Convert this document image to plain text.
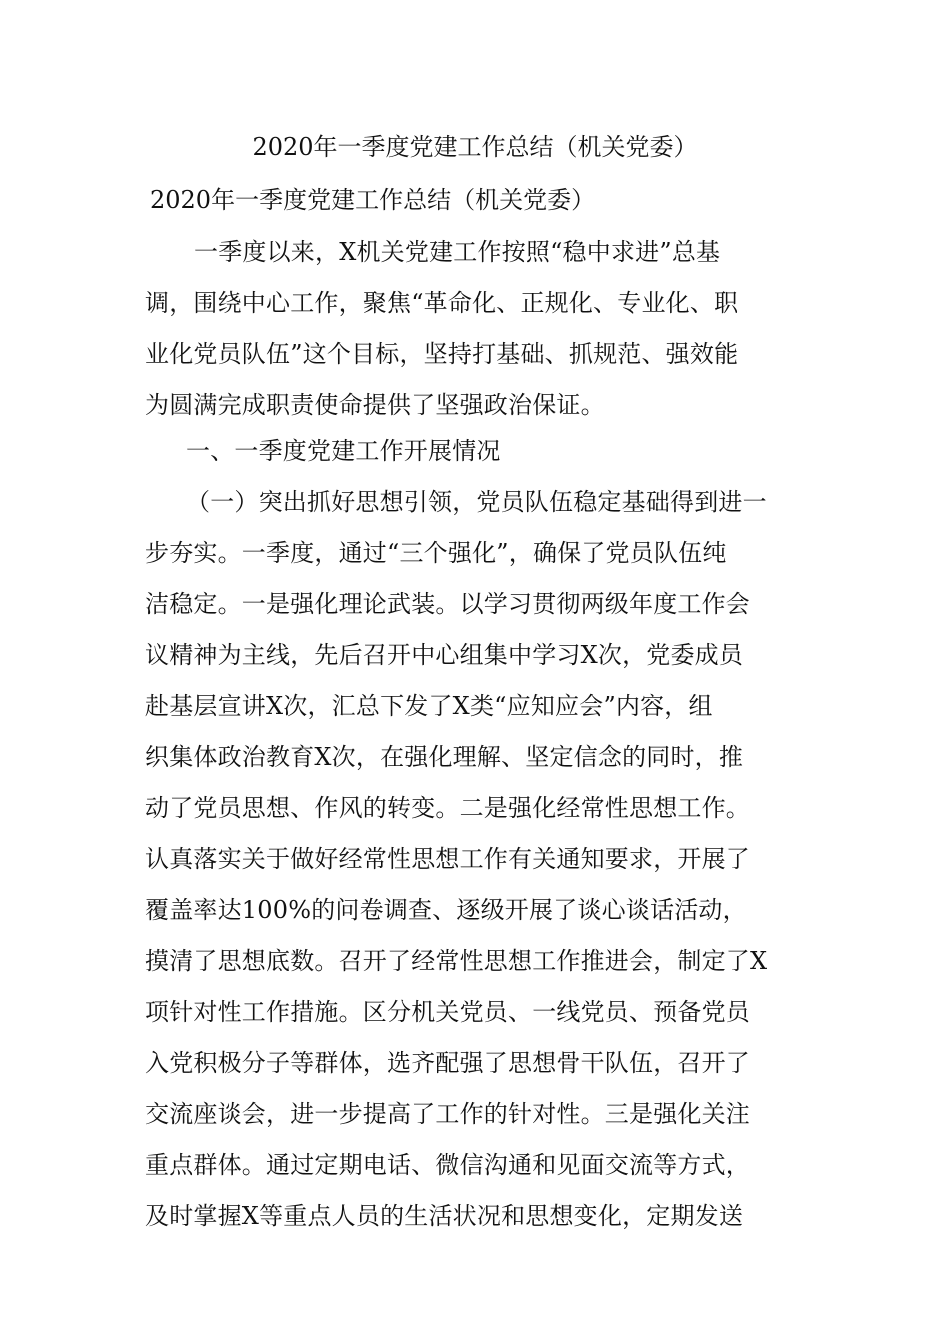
2020年一季度党建工作总结（机关党委）
2020年一季度党建工作总结（机关党委）
一季度以来，X机关党建工作按照“稳中求进”总基
调，围绕中心工作，聚焦“革命化、正规化、专业化、职
业化党员队伍”这个目标，坚持打基础、抓规范、强效能
为圆满完成职责使命提供了坚强政治保证。
一、一季度党建工作开展情况
（一）突出抓好思想引领，党员队伍稳定基础得到进一
步夯实。一季度，通过“三个强化”，确保了党员队伍纯
洁稳定。一是强化理论武装。以学习贯彻两级年度工作会
议精神为主线，先后召开中心组集中学习X次，党委成员
赴基层宣讲X次，汇总下发了X类“应知应会”内容，组
织集体政治教育X次，在强化理解、坚定信念的同时，推
动了党员思想、作风的转变。二是强化经常性思想工作。
认真落实关于做好经常性思想工作有关通知要求，开展了
覆盖率达100%的问卷调查、逐级开展了谈心谈话活动，
摸清了思想底数。召开了经常性思想工作推进会，制定了X
项针对性工作措施。区分机关党员、一线党员、预备党员
入党积极分子等群体，选齐配强了思想骨干队伍，召开了
交流座谈会，进一步提高了工作的针对性。三是强化关注
重点群体。通过定期电话、微信沟通和见面交流等方式，
及时掌握X等重点人员的生活状况和思想变化，定期发送
